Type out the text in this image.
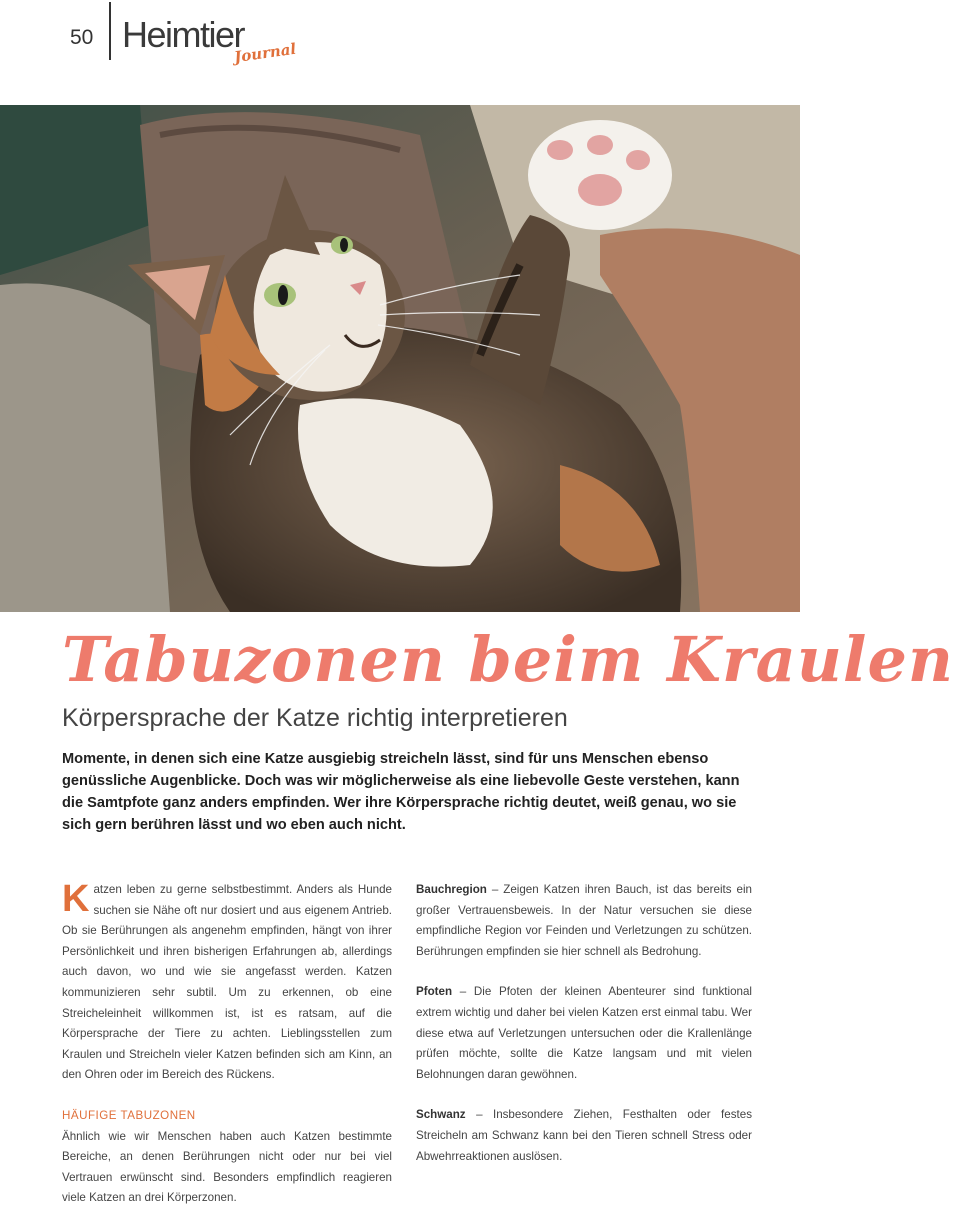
50 Heimtier
Journal
Tabuzonen beim Kraulen
Körpersprache der Katze richtig interpretieren
Momente, in denen sich eine Katze ausgiebig streicheln lässt, sind für uns Menschen ebenso genüssliche Augenblicke. Doch was wir möglicherweise als eine liebevolle Geste verstehen, kann die Samtpfote ganz anders empfinden. Wer ihre Körpersprache richtig deutet, weiß genau, wo sie sich gern berühren lässt und wo eben auch nicht.
Katzen leben zu gerne selbstbestimmt. Anders als Hunde suchen sie Nähe oft nur dosiert und aus eigenem Antrieb. Ob sie Berührungen als angenehm empfinden, hängt von ihrer Persönlichkeit und ihren bisherigen Erfahrungen ab, allerdings auch davon, wo und wie sie angefasst werden. Katzen kommunizieren sehr subtil. Um zu erkennen, ob eine Streicheleinheit willkommen ist, ist es ratsam, auf die Körpersprache der Tiere zu achten. Lieblingsstellen zum Kraulen und Streicheln vieler Katzen befinden sich am Kinn, an den Ohren oder im Bereich des Rückens.
HÄUFIGE TABUZONEN
Ähnlich wie wir Menschen haben auch Katzen bestimmte Bereiche, an denen Berührungen nicht oder nur bei viel Vertrauen erwünscht sind. Besonders empfindlich reagieren viele Katzen an drei Körperzonen.
Bauchregion – Zeigen Katzen ihren Bauch, ist das bereits ein großer Vertrauensbeweis. In der Natur versuchen sie diese empfindliche Region vor Feinden und Verletzungen zu schützen. Berührungen empfinden sie hier schnell als Bedrohung.
Pfoten – Die Pfoten der kleinen Abenteurer sind funktional extrem wichtig und daher bei vielen Katzen erst einmal tabu. Wer diese etwa auf Verletzungen untersuchen oder die Krallenlänge prüfen möchte, sollte die Katze langsam und mit vielen Belohnungen daran gewöhnen.
Schwanz – Insbesondere Ziehen, Festhalten oder festes Streicheln am Schwanz kann bei den Tieren schnell Stress oder Abwehrreaktionen auslösen.
